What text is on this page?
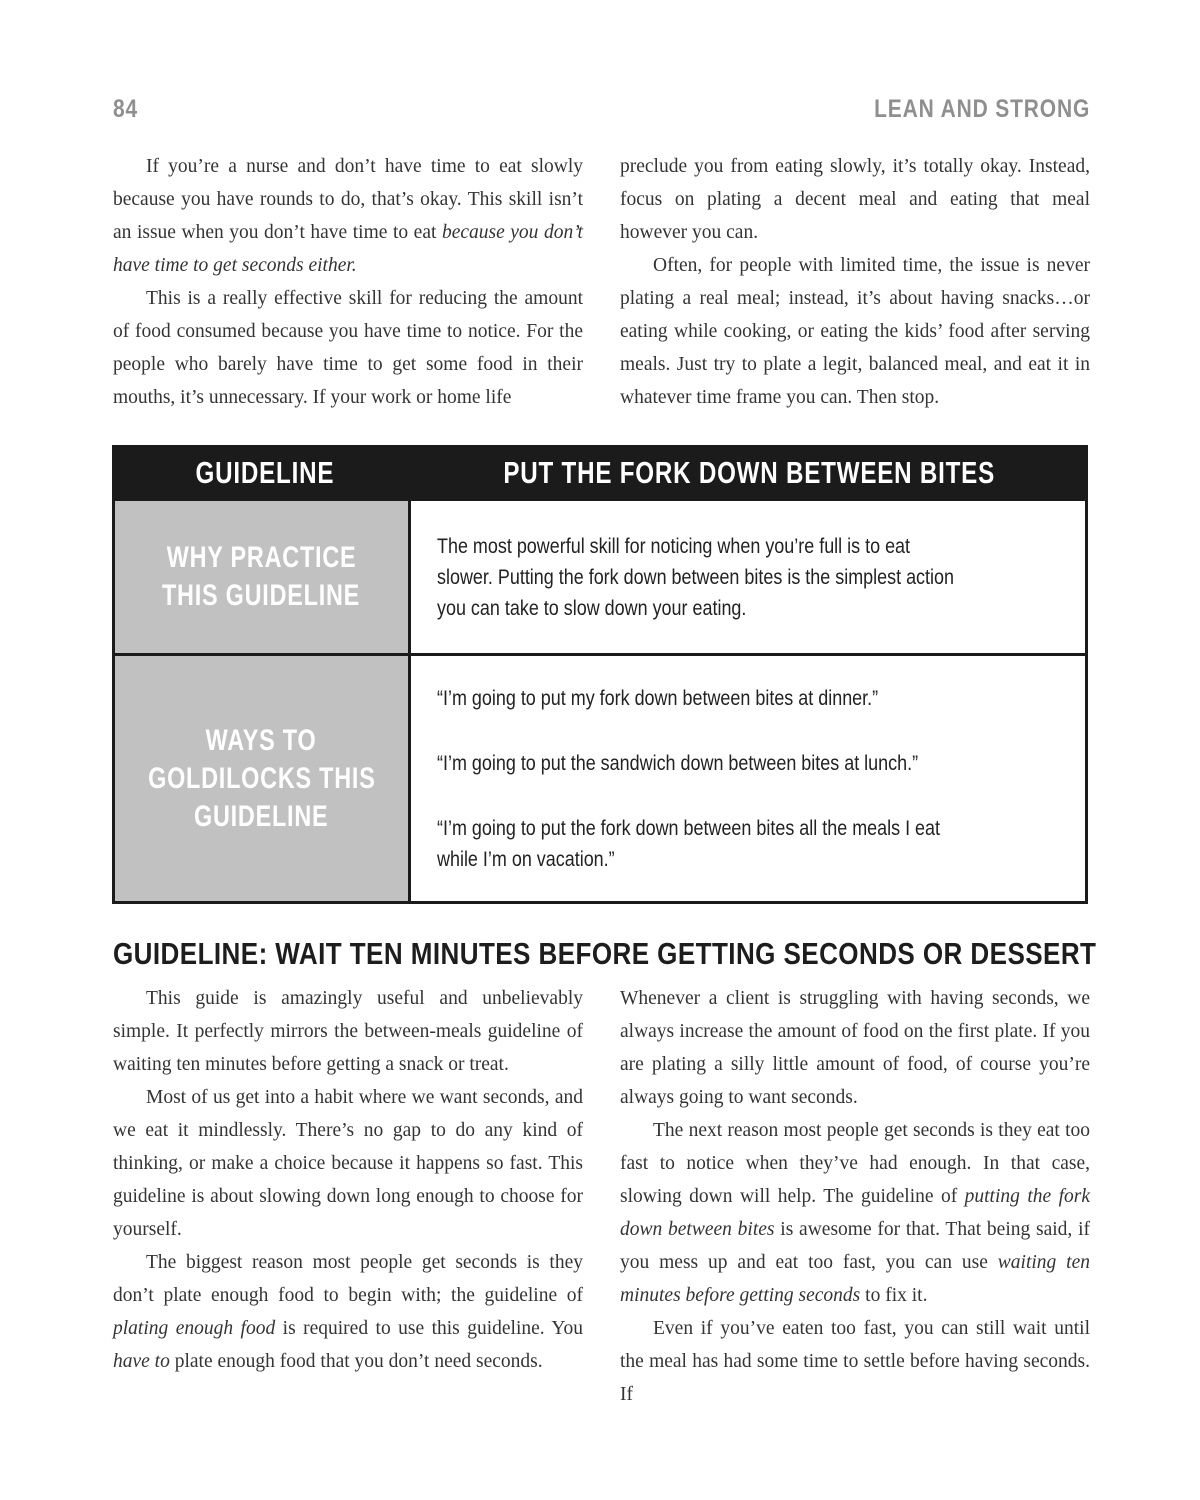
84	LEAN AND STRONG

If you’re a nurse and don’t have time to eat slowly because you have rounds to do, that’s okay. This skill isn’t an issue when you don’t have time to eat because you don’t have time to get seconds either.

This is a really effective skill for reducing the amount of food consumed because you have time to notice. For the people who barely have time to get some food in their mouths, it’s unnecessary. If your work or home life

preclude you from eating slowly, it’s totally okay. Instead, focus on plating a decent meal and eating that meal however you can.

Often, for people with limited time, the issue is never plating a real meal; instead, it’s about having snacks…or eating while cooking, or eating the kids’ food after serving meals. Just try to plate a legit, balanced meal, and eat it in whatever time frame you can. Then stop.

GUIDELINE	PUT THE FORK DOWN BETWEEN BITES
WHY PRACTICE
THIS GUIDELINE

The most powerful skill for noticing when you’re full is to eat slower. Putting the fork down between bites is the simplest action you can take to slow down your eating.

WAYS TO
GOLDILOCKS THIS
GUIDELINE

“I’m going to put my fork down between bites at dinner.”

“I’m going to put the sandwich down between bites at lunch.”

“I’m going to put the fork down between bites all the meals I eat while I’m on vacation.”

GUIDELINE: WAIT TEN MINUTES BEFORE GETTING SECONDS OR DESSERT

This guide is amazingly useful and unbelievably simple. It perfectly mirrors the between-meals guideline of waiting ten minutes before getting a snack or treat.

Most of us get into a habit where we want seconds, and we eat it mindlessly. There’s no gap to do any kind of thinking, or make a choice because it happens so fast. This guideline is about slowing down long enough to choose for yourself.

The biggest reason most people get seconds is they don’t plate enough food to begin with; the guideline of plating enough food is required to use this guideline. You have to plate enough food that you don’t need seconds.

Whenever a client is struggling with having seconds, we always increase the amount of food on the first plate. If you are plating a silly little amount of food, of course you’re always going to want seconds.

The next reason most people get seconds is they eat too fast to notice when they’ve had enough. In that case, slowing down will help. The guideline of putting the fork down between bites is awesome for that. That being said, if you mess up and eat too fast, you can use waiting ten minutes before getting seconds to fix it.

Even if you’ve eaten too fast, you can still wait until the meal has had some time to settle before having seconds. If
